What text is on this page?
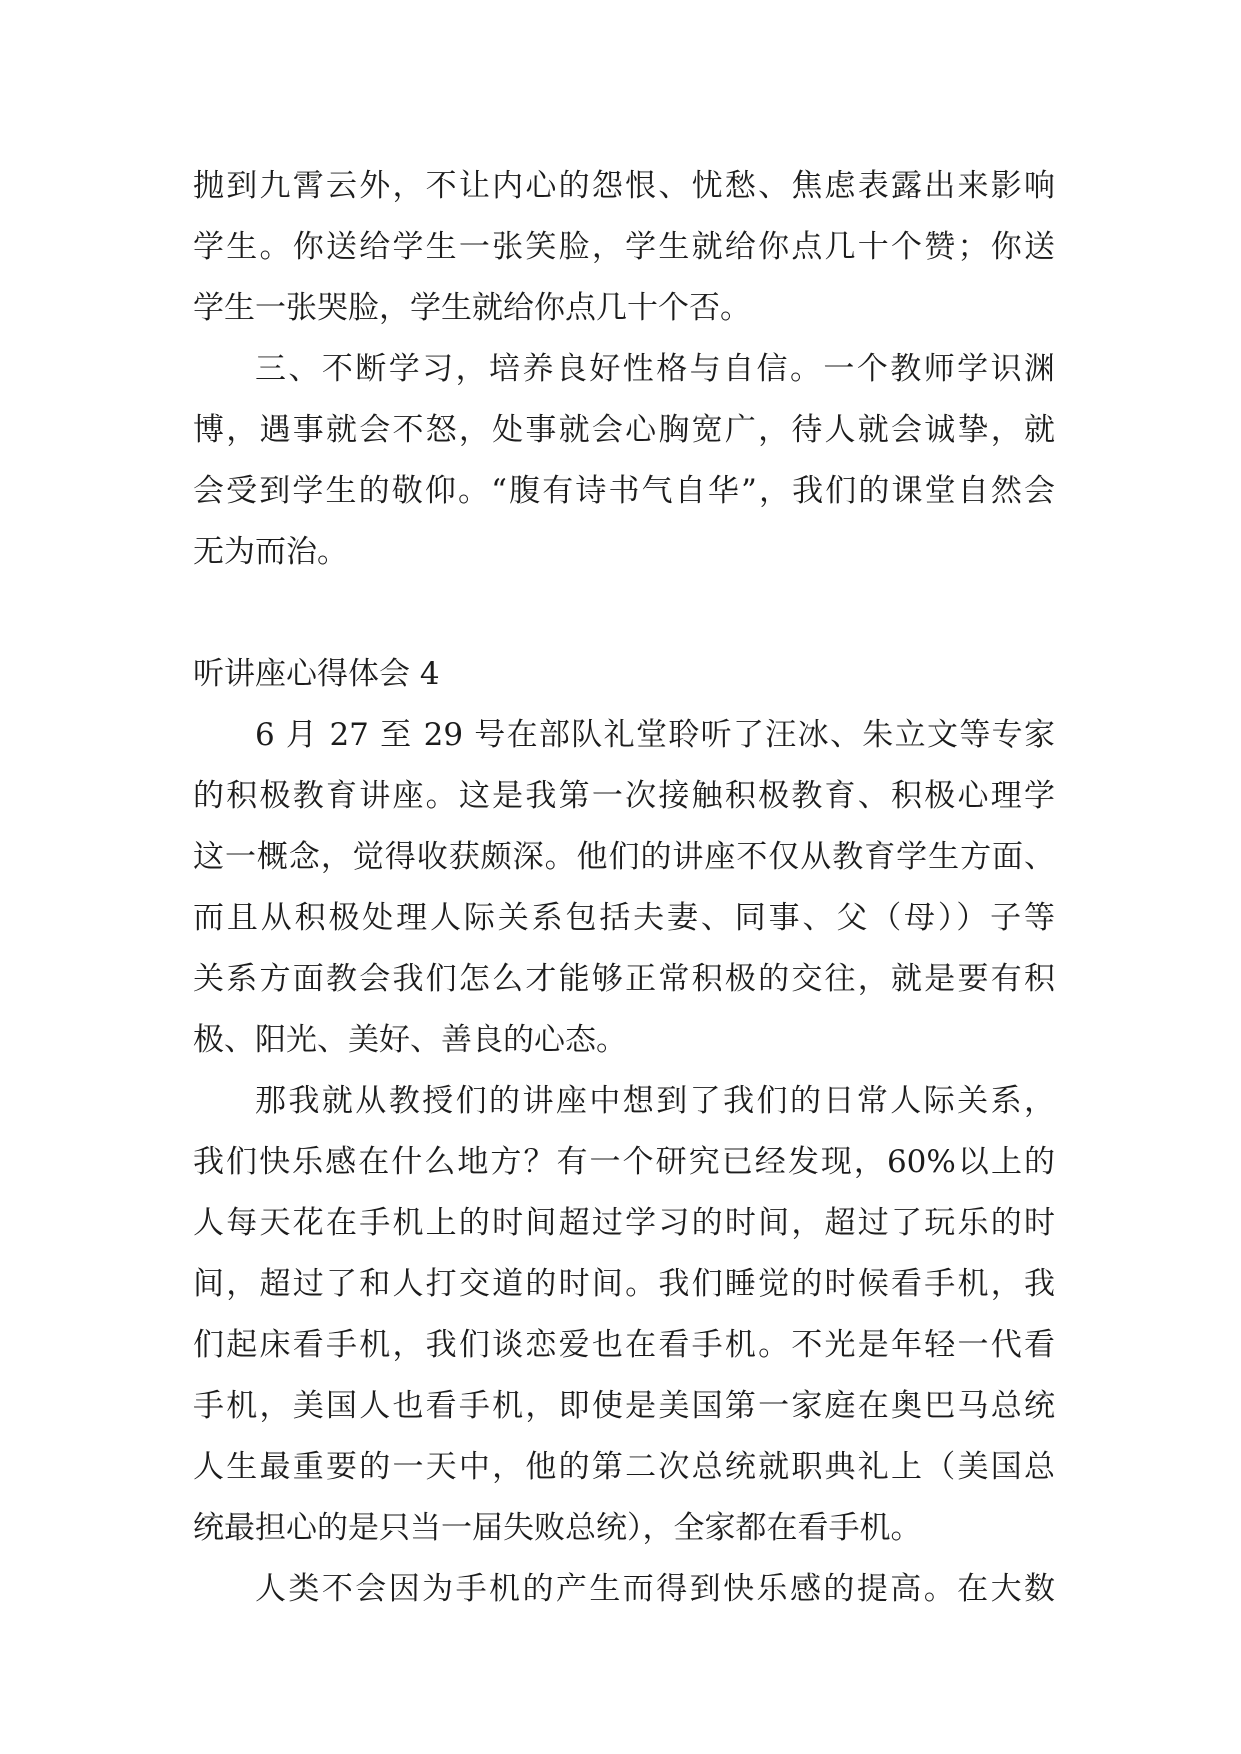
抛到九霄云外，不让内心的怨恨、忧愁、焦虑表露出来影响
学生。你送给学生一张笑脸，学生就给你点几十个赞；你送
学生一张哭脸，学生就给你点几十个否。
三、不断学习，培养良好性格与自信。一个教师学识渊
博，遇事就会不怒，处事就会心胸宽广，待人就会诚挚，就
会受到学生的敬仰。“腹有诗书气自华”，我们的课堂自然会
无为而治。
听讲座心得体会 4
6 月 27 至 29 号在部队礼堂聆听了汪冰、朱立文等专家
的积极教育讲座。这是我第一次接触积极教育、积极心理学
这一概念，觉得收获颇深。他们的讲座不仅从教育学生方面、
而且从积极处理人际关系包括夫妻、同事、父（母））子等
关系方面教会我们怎么才能够正常积极的交往，就是要有积
极、阳光、美好、善良的心态。
那我就从教授们的讲座中想到了我们的日常人际关系，
我们快乐感在什么地方？有一个研究已经发现，60%以上的
人每天花在手机上的时间超过学习的时间，超过了玩乐的时
间，超过了和人打交道的时间。我们睡觉的时候看手机，我
们起床看手机，我们谈恋爱也在看手机。不光是年轻一代看
手机，美国人也看手机，即使是美国第一家庭在奥巴马总统
人生最重要的一天中，他的第二次总统就职典礼上（美国总
统最担心的是只当一届失败总统），全家都在看手机。
人类不会因为手机的产生而得到快乐感的提高。在大数
